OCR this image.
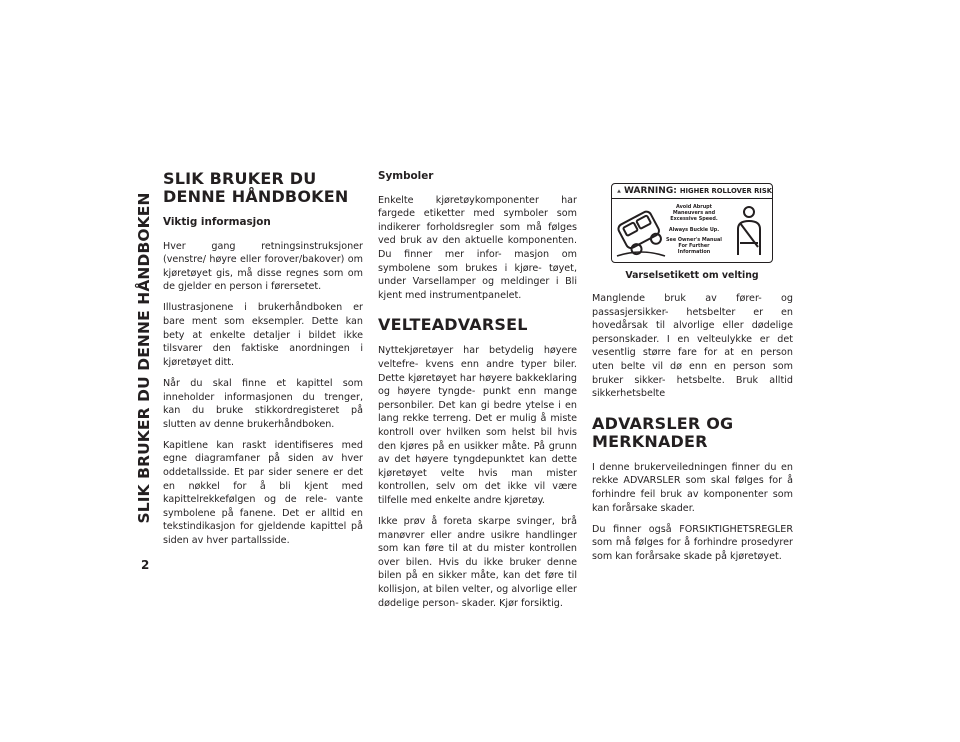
SLIK BRUKER DU DENNE HÅNDBOKEN
2
SLIK BRUKER DU DENNE HÅNDBOKEN
Viktig informasjon

Hver gang retningsinstruksjoner (venstre/ høyre eller forover/bakover) om kjøretøyet gis, må disse regnes som om de gjelder en person i førersetet.

Illustrasjonene i brukerhåndboken er bare ment som eksempler. Dette kan bety at enkelte detaljer i bildet ikke tilsvarer den faktiske anordningen i kjøretøyet ditt.

Når du skal finne et kapittel som inneholder informasjonen du trenger, kan du bruke stikkordregisteret på slutten av denne brukerhåndboken.

Kapitlene kan raskt identifiseres med egne diagramfaner på siden av hver oddetallsside. Et par sider senere er det en nøkkel for å bli kjent med kapittelrekkefølgen og de rele- vante symbolene på fanene. Det er alltid en tekstindikasjon for gjeldende kapittel på siden av hver partallsside.

Symboler

Enkelte kjøretøykomponenter har fargede etiketter med symboler som indikerer forholdsregler som må følges ved bruk av den aktuelle komponenten. Du finner mer infor- masjon om symbolene som brukes i kjøre- tøyet, under Varsellamper og meldinger i Bli kjent med instrumentpanelet.

VELTEADVARSEL

Nyttekjøretøyer har betydelig høyere veltefre- kvens enn andre typer biler. Dette kjøretøyet har høyere bakkeklaring og høyere tyngde- punkt enn mange personbiler. Det kan gi bedre ytelse i en lang rekke terreng. Det er mulig å miste kontroll over hvilken som helst bil hvis den kjøres på en usikker måte. På grunn av det høyere tyngdepunktet kan dette kjøretøyet velte hvis man mister kontrollen, selv om det ikke vil være tilfelle med enkelte andre kjøretøy.

Ikke prøv å foreta skarpe svinger, brå manøvrer eller andre usikre handlinger som kan føre til at du mister kontrollen over bilen. Hvis du ikke bruker denne bilen på en sikker måte, kan det føre til kollisjon, at bilen velter, og alvorlige eller dødelige person- skader. Kjør forsiktig.

WARNING: HIGHER ROLLOVER RISK
Avoid Abrupt Maneuvers and Excessive Speed.
Always Buckle Up.
See Owner's Manual For Further Information
Varselsetikett om velting

Manglende bruk av fører- og passasjersikker- hetsbelter er en hovedårsak til alvorlige eller dødelige personskader. I en velteulykke er det vesentlig større fare for at en person uten belte vil dø enn en person som bruker sikker- hetsbelte. Bruk alltid sikkerhetsbelte

ADVARSLER OG MERKNADER

I denne brukerveiledningen finner du en rekke ADVARSLER som skal følges for å forhindre feil bruk av komponenter som kan forårsake skader.

Du finner også FORSIKTIGHETSREGLER som må følges for å forhindre prosedyrer som kan forårsake skade på kjøretøyet.
